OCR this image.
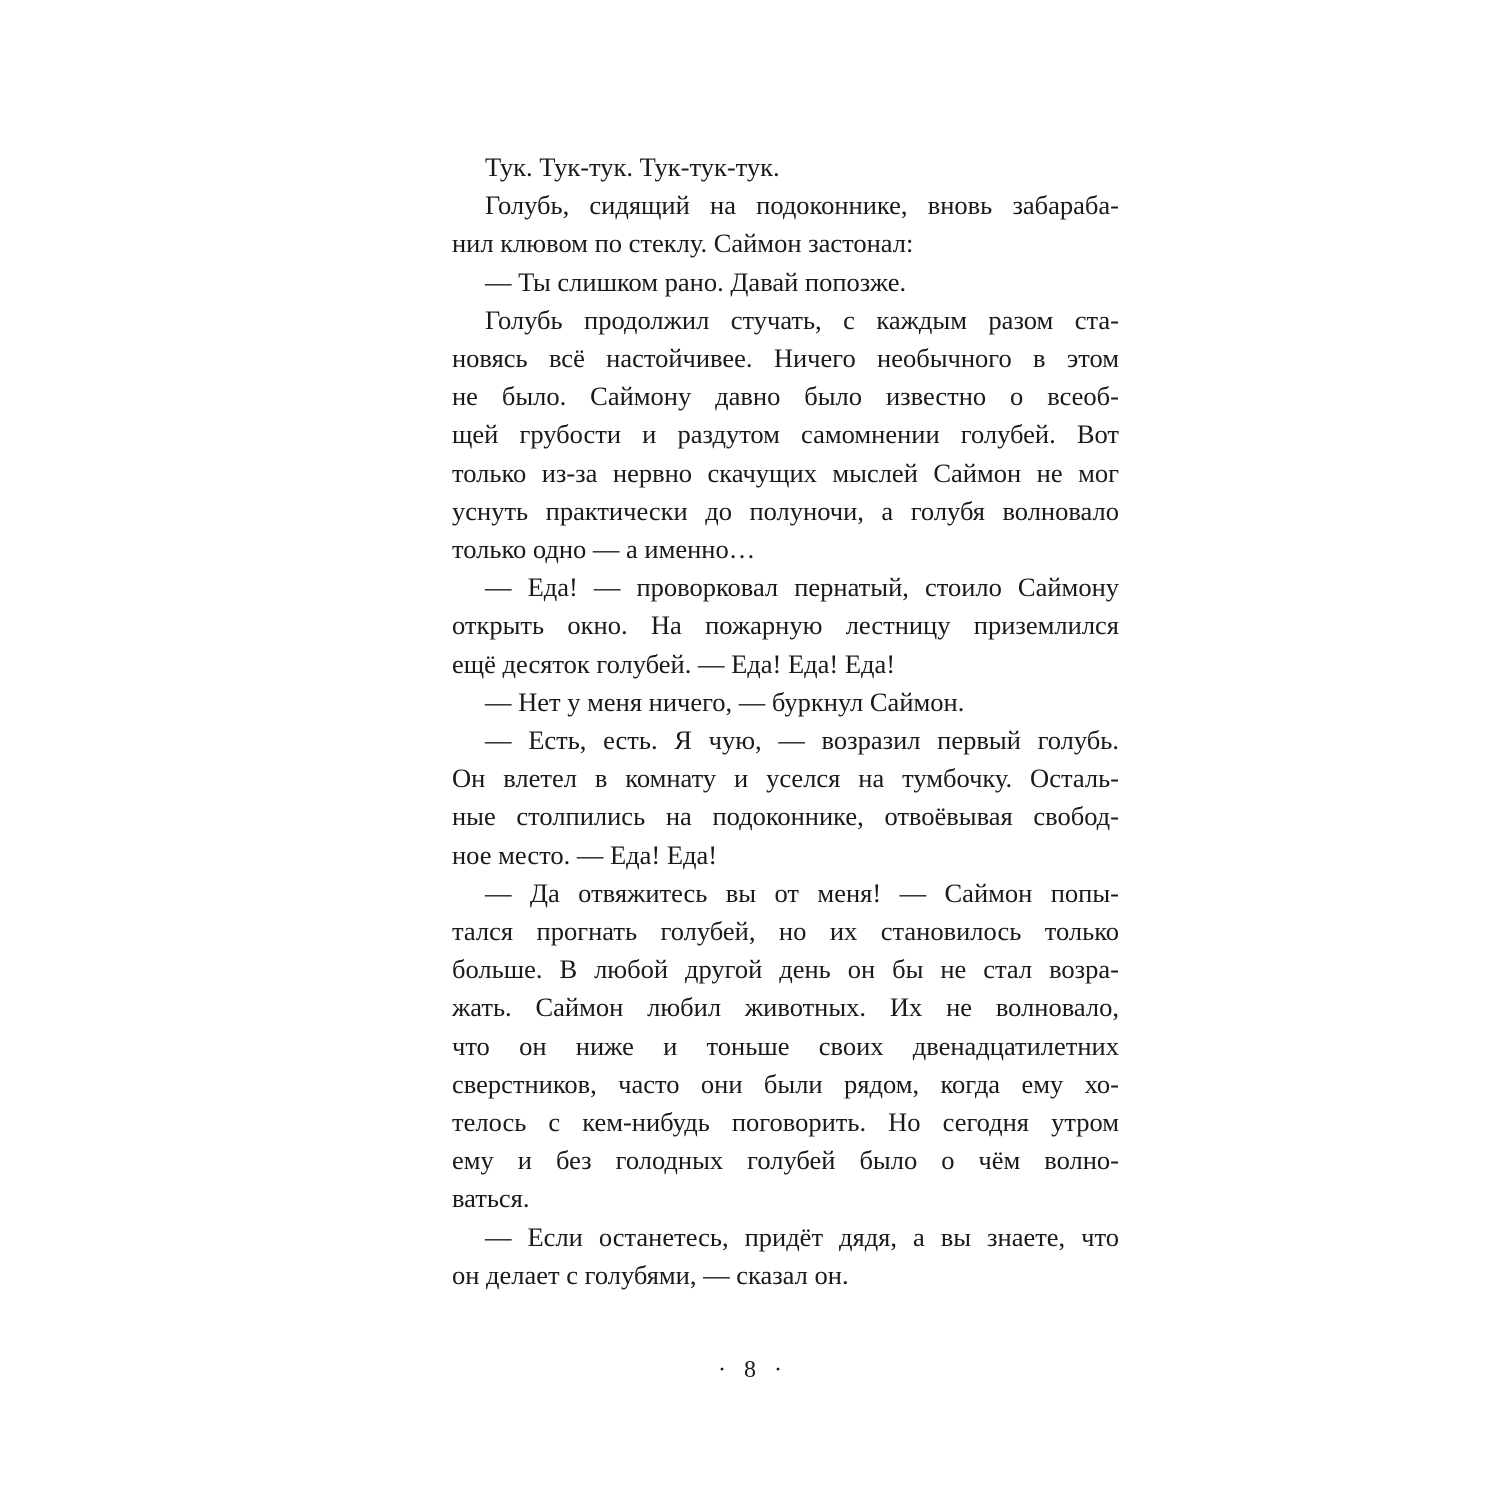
Тук. Тук-тук. Тук-тук-тук.
Голубь, сидящий на подоконнике, вновь забараба-
нил клювом по стеклу. Саймон застонал:
— Ты слишком рано. Давай попозже.
Голубь продолжил стучать, с каждым разом ста-
новясь всё настойчивее. Ничего необычного в этом
не было. Саймону давно было известно о всеоб-
щей грубости и раздутом самомнении голубей. Вот
только из-за нервно скачущих мыслей Саймон не мог
уснуть практически до полуночи, а голубя волновало
только одно — а именно…
— Еда! — проворковал пернатый, стоило Саймону
открыть окно. На пожарную лестницу приземлился
ещё десяток голубей. — Еда! Еда! Еда!
— Нет у меня ничего, — буркнул Саймон.
— Есть, есть. Я чую, — возразил первый голубь.
Он влетел в комнату и уселся на тумбочку. Осталь-
ные столпились на подоконнике, отвоёвывая свобод-
ное место. — Еда! Еда!
— Да отвяжитесь вы от меня! — Саймон попы-
тался прогнать голубей, но их становилось только
больше. В любой другой день он бы не стал возра-
жать. Саймон любил животных. Их не волновало,
что он ниже и тоньше своих двенадцатилетних
сверстников, часто они были рядом, когда ему хо-
телось с кем-нибудь поговорить. Но сегодня утром
ему и без голодных голубей было о чём волно-
ваться.
— Если останетесь, придёт дядя, а вы знаете, что
он делает с голубями, — сказал он.
·   8   ·
